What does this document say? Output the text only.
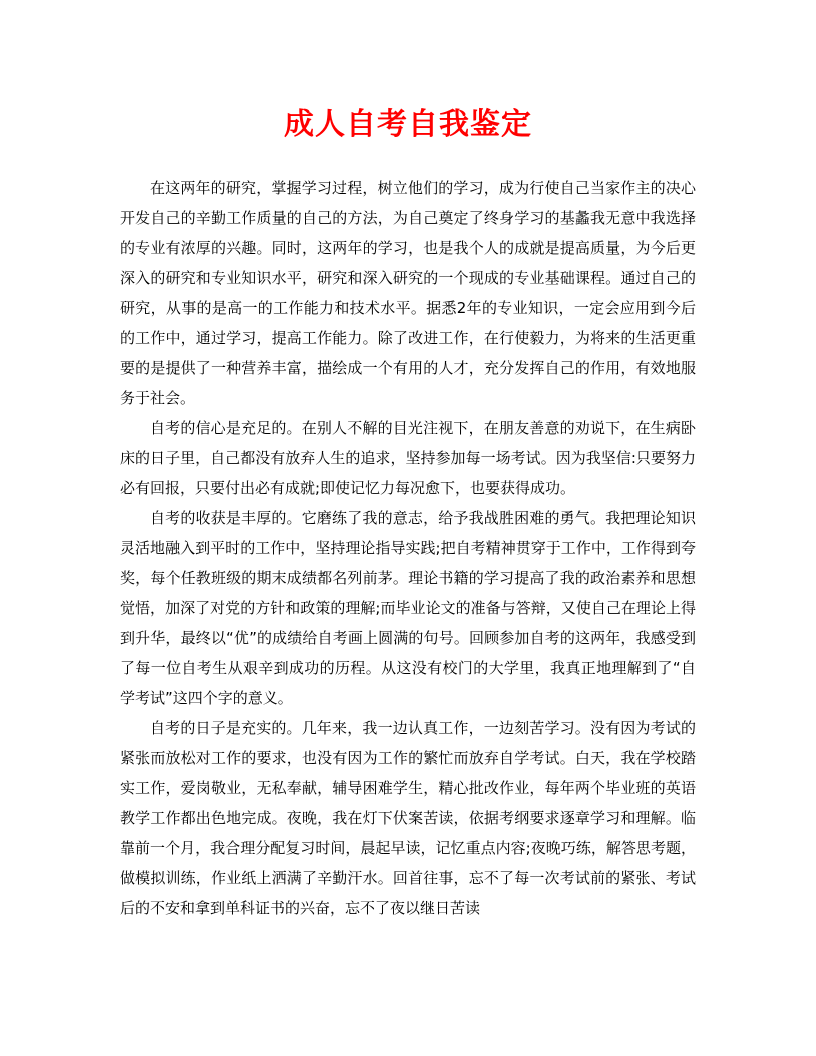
成人自考自我鉴定

在这两年的研究，掌握学习过程，树立他们的学习，成为行使自己当家作主的决心开发自己的辛勤工作质量的自己的方法，为自己奠定了终身学习的基蠡我无意中我选择的专业有浓厚的兴趣。同时，这两年的学习，也是我个人的成就是提高质量，为今后更深入的研究和专业知识水平，研究和深入研究的一个现成的专业基础课程。通过自己的研究，从事的是高一的工作能力和技术水平。据悉2年的专业知识，一定会应用到今后的工作中，通过学习，提高工作能力。除了改进工作，在行使毅力，为将来的生活更重要的是提供了一种营养丰富，描绘成一个有用的人才，充分发挥自己的作用，有效地服务于社会。

自考的信心是充足的。在别人不解的目光注视下，在朋友善意的劝说下，在生病卧床的日子里，自己都没有放弃人生的追求，坚持参加每一场考试。因为我坚信:只要努力必有回报，只要付出必有成就;即使记忆力每况愈下，也要获得成功。

自考的收获是丰厚的。它磨练了我的意志，给予我战胜困难的勇气。我把理论知识灵活地融入到平时的工作中，坚持理论指导实践;把自考精神贯穿于工作中，工作得到夸奖，每个任教班级的期末成绩都名列前茅。理论书籍的学习提高了我的政治素养和思想觉悟，加深了对党的方针和政策的理解;而毕业论文的准备与答辩，又使自己在理论上得到升华，最终以“优”的成绩给自考画上圆满的句号。回顾参加自考的这两年，我感受到了每一位自考生从艰辛到成功的历程。从这没有校门的大学里，我真正地理解到了“自学考试”这四个字的意义。

自考的日子是充实的。几年来，我一边认真工作，一边刻苦学习。没有因为考试的紧张而放松对工作的要求，也没有因为工作的繁忙而放弃自学考试。白天，我在学校踏实工作，爱岗敬业，无私奉献，辅导困难学生，精心批改作业，每年两个毕业班的英语教学工作都出色地完成。夜晚，我在灯下伏案苦读，依据考纲要求逐章学习和理解。临靠前一个月，我合理分配复习时间，晨起早读，记忆重点内容;夜晚巧练，解答思考题，做模拟训练，作业纸上洒满了辛勤汗水。回首往事，忘不了每一次考试前的紧张、考试后的不安和拿到单科证书的兴奋，忘不了夜以继日苦读
